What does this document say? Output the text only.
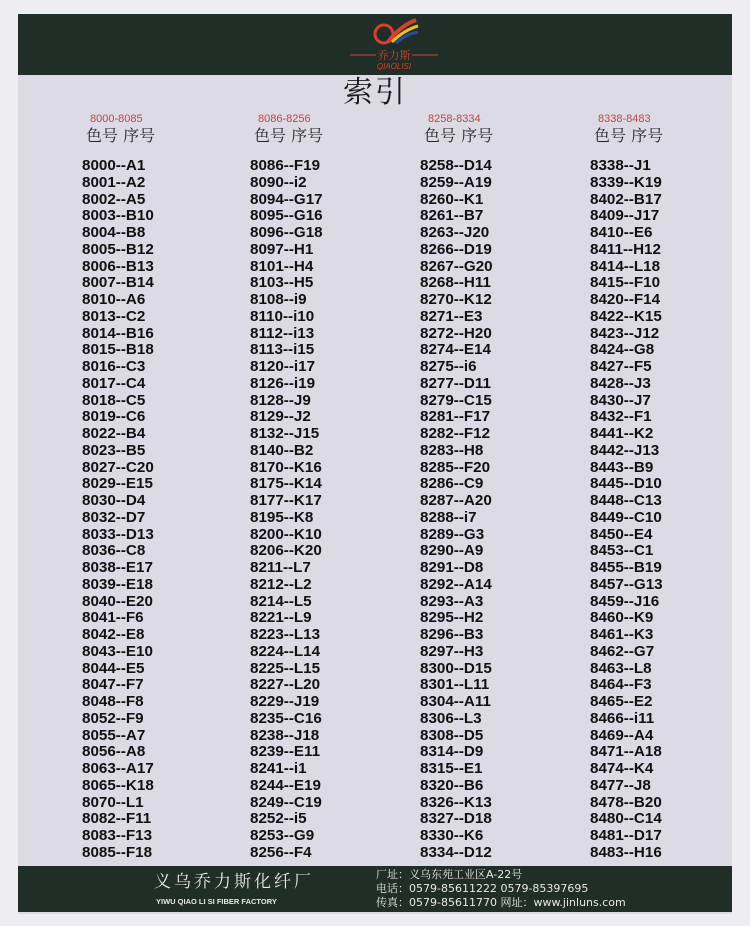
乔力斯
QIAOLISI
索引
8000-8085
色号 序号
8000--A1
8001--A2
8002--A5
8003--B10
8004--B8
8005--B12
8006--B13
8007--B14
8010--A6
8013--C2
8014--B16
8015--B18
8016--C3
8017--C4
8018--C5
8019--C6
8022--B4
8023--B5
8027--C20
8029--E15
8030--D4
8032--D7
8033--D13
8036--C8
8038--E17
8039--E18
8040--E20
8041--F6
8042--E8
8043--E10
8044--E5
8047--F7
8048--F8
8052--F9
8055--A7
8056--A8
8063--A17
8065--K18
8070--L1
8082--F11
8083--F13
8085--F18
8086-8256
色号 序号
8086--F19
8090--i2
8094--G17
8095--G16
8096--G18
8097--H1
8101--H4
8103--H5
8108--i9
8110--i10
8112--i13
8113--i15
8120--i17
8126--i19
8128--J9
8129--J2
8132--J15
8140--B2
8170--K16
8175--K14
8177--K17
8195--K8
8200--K10
8206--K20
8211--L7
8212--L2
8214--L5
8221--L9
8223--L13
8224--L14
8225--L15
8227--L20
8229--J19
8235--C16
8238--J18
8239--E11
8241--i1
8244--E19
8249--C19
8252--i5
8253--G9
8256--F4
8258-8334
色号 序号
8258--D14
8259--A19
8260--K1
8261--B7
8263--J20
8266--D19
8267--G20
8268--H11
8270--K12
8271--E3
8272--H20
8274--E14
8275--i6
8277--D11
8279--C15
8281--F17
8282--F12
8283--H8
8285--F20
8286--C9
8287--A20
8288--i7
8289--G3
8290--A9
8291--D8
8292--A14
8293--A3
8295--H2
8296--B3
8297--H3
8300--D15
8301--L11
8304--A11
8306--L3
8308--D5
8314--D9
8315--E1
8320--B6
8326--K13
8327--D18
8330--K6
8334--D12
8338-8483
色号 序号
8338--J1
8339--K19
8402--B17
8409--J17
8410--E6
8411--H12
8414--L18
8415--F10
8420--F14
8422--K15
8423--J12
8424--G8
8427--F5
8428--J3
8430--J7
8432--F1
8441--K2
8442--J13
8443--B9
8445--D10
8448--C13
8449--C10
8450--E4
8453--C1
8455--B19
8457--G13
8459--J16
8460--K9
8461--K3
8462--G7
8463--L8
8464--F3
8465--E2
8466--i11
8469--A4
8471--A18
8474--K4
8477--J8
8478--B20
8480--C14
8481--D17
8483--H16
义乌乔力斯化纤厂
YIWU QIAO LI SI FIBER FACTORY
厂址：义乌东苑工业区A-22号
电话：0579-85611222 0579-85397695
传真：0579-85611770 网址：www.jinluns.com
